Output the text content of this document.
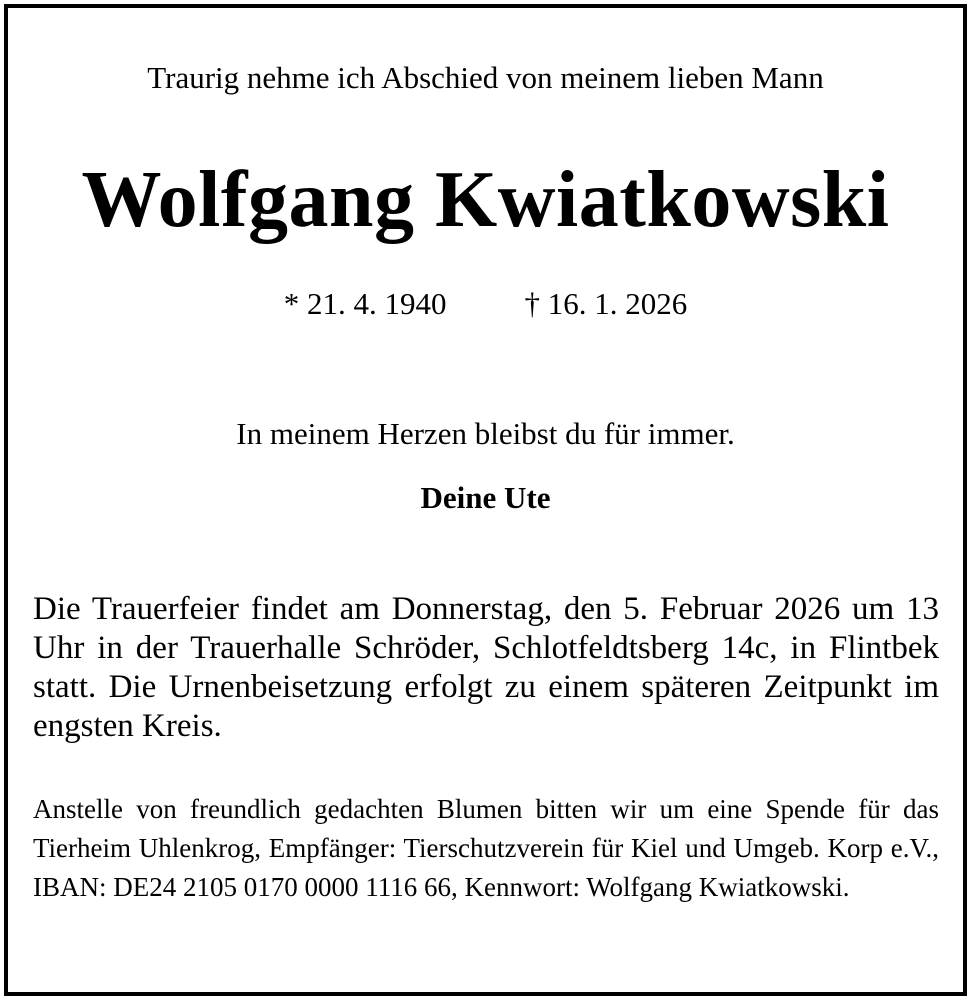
Traurig nehme ich Abschied von meinem lieben Mann
Wolfgang Kwiatkowski
* 21. 4. 1940	† 16. 1. 2026
In meinem Herzen bleibst du für immer.
Deine Ute
Die Trauerfeier findet am Donnerstag, den 5. Februar 2026 um 13 Uhr in der Trauerhalle Schröder, Schlotfeldtsberg 14c, in Flintbek statt. Die Urnenbeisetzung erfolgt zu einem späteren Zeitpunkt im engsten Kreis.
Anstelle von freundlich gedachten Blumen bitten wir um eine Spende für das Tierheim Uhlenkrog, Empfänger: Tierschutzverein für Kiel und Umgeb. Korp e.V., IBAN: DE24 2105 0170 0000 1116 66, Kennwort: Wolfgang Kwiatkowski.
